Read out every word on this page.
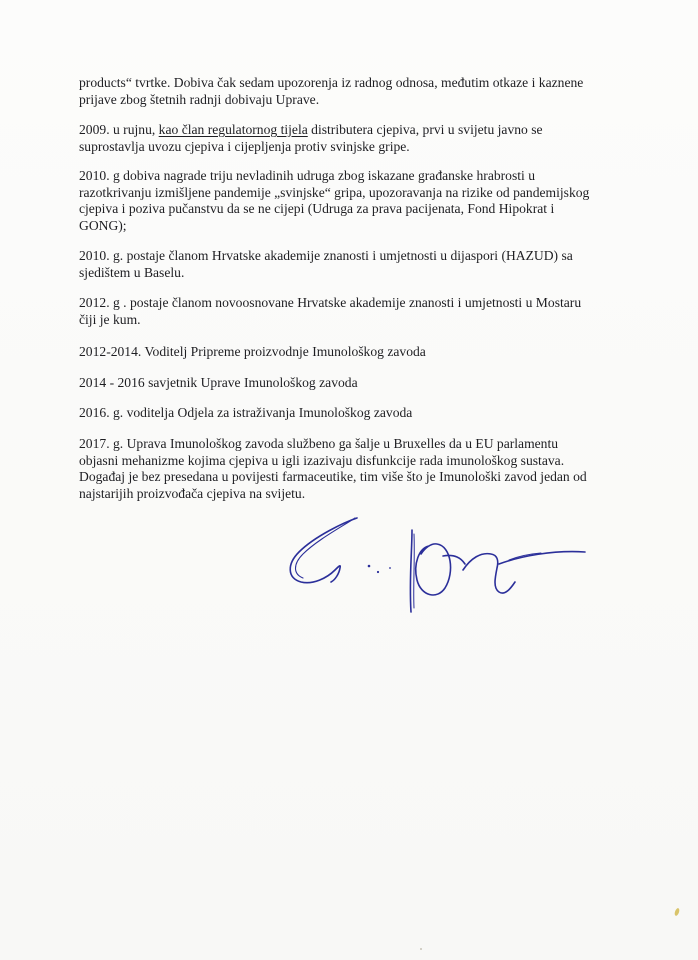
products“ tvrtke. Dobiva čak sedam upozorenja iz radnog odnosa, međutim otkaze i kaznene
prijave zbog štetnih radnji dobivaju Uprave.
2009. u rujnu, kao član regulatornog tijela distributera cjepiva, prvi u svijetu javno se
suprostavlja uvozu cjepiva i cijepljenja protiv svinjske gripe.
2010. g dobiva nagrade triju nevladinih udruga zbog iskazane građanske hrabrosti u
razotkrivanju izmišljene pandemije „svinjske“ gripa, upozoravanja na rizike od pandemijskog
cjepiva i poziva pučanstvu da se ne cijepi (Udruga za prava pacijenata, Fond Hipokrat i
GONG);
2010. g. postaje članom Hrvatske akademije znanosti i umjetnosti u dijaspori (HAZUD) sa
sjedištem u Baselu.
2012. g . postaje članom novoosnovane Hrvatske akademije znanosti i umjetnosti u Mostaru
čiji je kum.
2012-2014. Voditelj Pripreme proizvodnje Imunološkog zavoda
2014 - 2016 savjetnik Uprave Imunološkog zavoda
2016. g. voditelja Odjela za istraživanja Imunološkog zavoda
2017. g. Uprava Imunološkog zavoda službeno ga šalje u Bruxelles da u EU parlamentu
objasni mehanizme kojima cjepiva u igli izazivaju disfunkcije rada imunološkog sustava.
Događaj je bez presedana u povijesti farmaceutike, tim više što je Imunološki zavod jedan od
najstarijih proizvođača cjepiva na svijetu.
